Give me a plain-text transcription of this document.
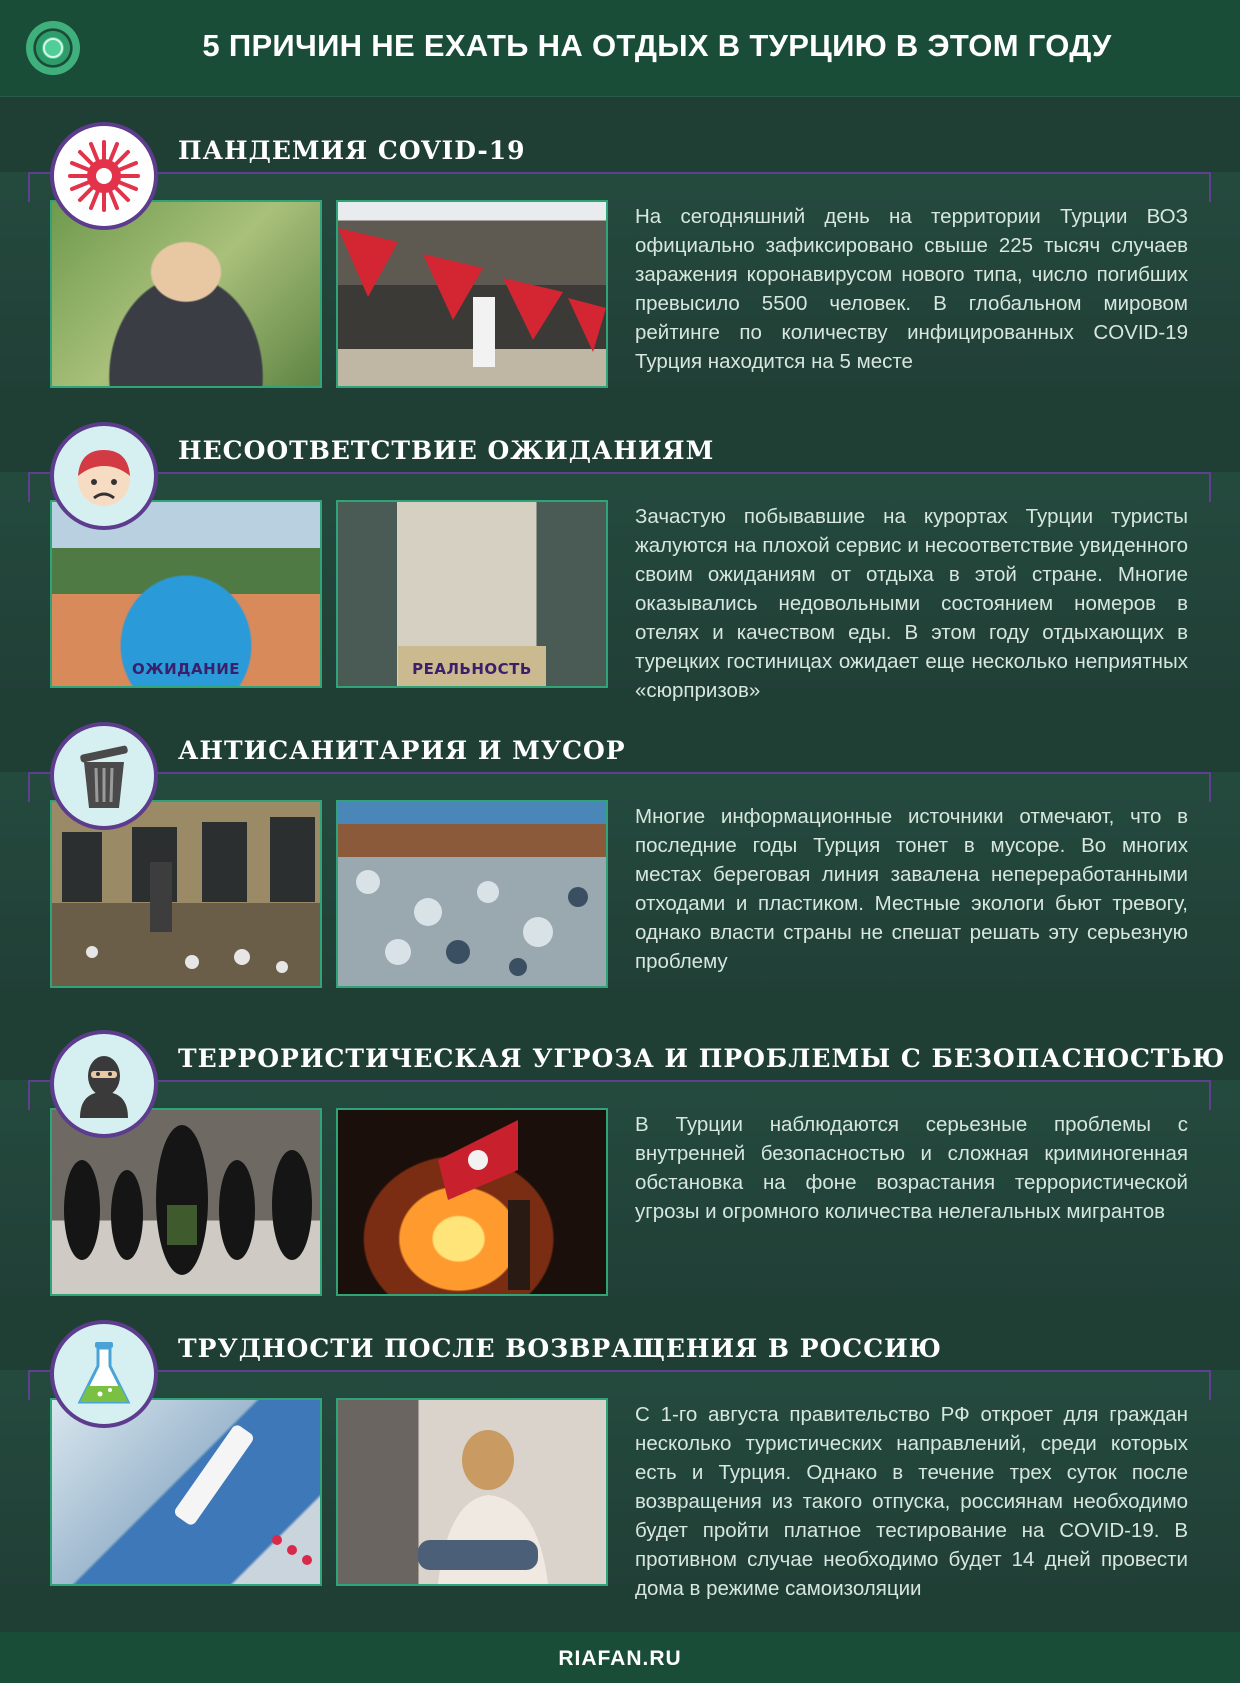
5 ПРИЧИН НЕ ЕХАТЬ НА ОТДЫХ В ТУРЦИЮ В ЭТОМ ГОДУ
ПАНДЕМИЯ COVID-19

На сегодняшний день на территории Турции ВОЗ официально зафиксировано свыше 225 тысяч случаев заражения коронавирусом нового типа, число погибших превысило 5500 человек. В глобальном мировом рейтинге по количеству инфицированных COVID-19 Турция находится на 5 месте

НЕСООТВЕТСТВИЕ ОЖИДАНИЯМ
ОЖИДАНИЕ	РЕАЛЬНОСТЬ

Зачастую побывавшие на курортах Турции туристы жалуются на плохой сервис и несоответствие увиденного своим ожиданиям от отдыха в этой стране. Многие оказывались недовольными состоянием номеров в отелях и качеством еды. В этом году отдыхающих в турецких гостиницах ожидает еще несколько неприятных «сюрпризов»

АНТИСАНИТАРИЯ И МУСОР

Многие информационные источники отмечают, что в последние годы Турция тонет в мусоре. Во многих местах береговая линия завалена непереработанными отходами и пластиком. Местные экологи бьют тревогу, однако власти страны не спешат решать эту серьезную проблему

ТЕРРОРИСТИЧЕСКАЯ УГРОЗА И ПРОБЛЕМЫ С БЕЗОПАСНОСТЬЮ

В Турции наблюдаются серьезные проблемы с внутренней безопасностью и сложная криминогенная обстановка на фоне возрастания террористической угрозы и огромного количества нелегальных мигрантов

ТРУДНОСТИ ПОСЛЕ ВОЗВРАЩЕНИЯ В РОССИЮ

С 1-го августа правительство РФ откроет для граждан несколько туристических направлений, среди которых есть и Турция. Однако в течение трех суток после возвращения из такого отпуска, россиянам необходимо будет пройти платное тестирование на COVID-19. В противном случае необходимо будет 14 дней провести дома в режиме самоизоляции

RIAFAN.RU
